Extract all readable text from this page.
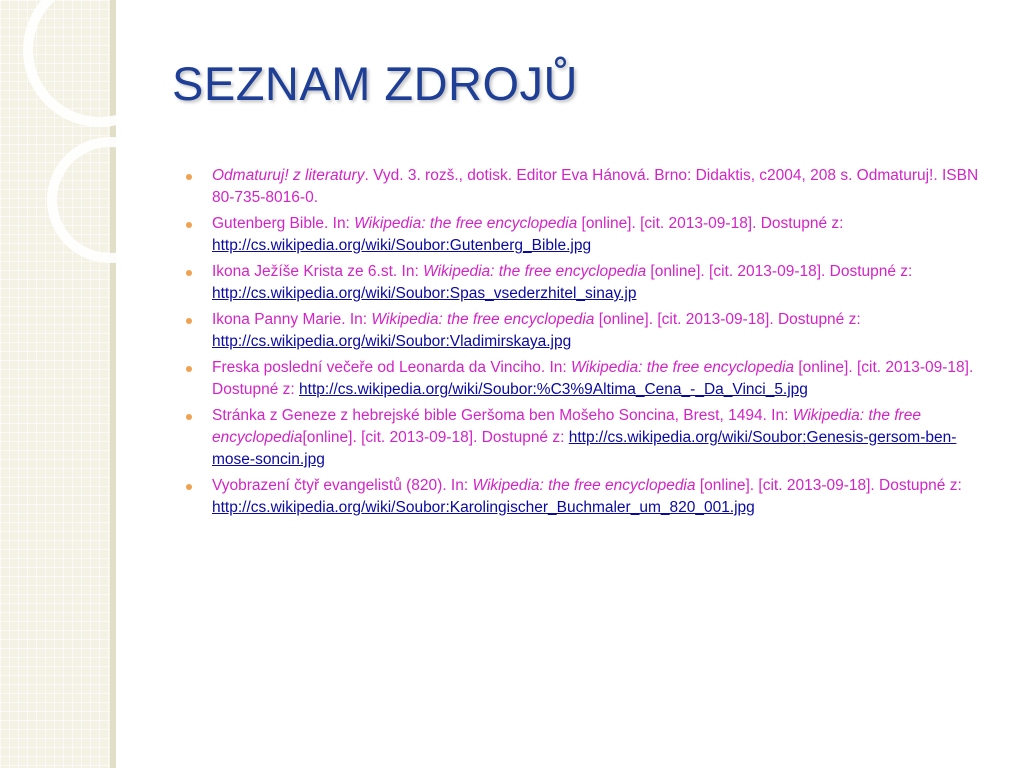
SEZNAM ZDROJŮ
Odmaturuj! z literatury. Vyd. 3. rozš., dotisk. Editor Eva Hánová. Brno: Didaktis, c2004, 208 s. Odmaturuj!. ISBN 80-735-8016-0.
Gutenberg Bible. In: Wikipedia: the free encyclopedia [online]. [cit. 2013-09-18]. Dostupné z: http://cs.wikipedia.org/wiki/Soubor:Gutenberg_Bible.jpg
Ikona Ježíše Krista ze 6.st. In: Wikipedia: the free encyclopedia [online]. [cit. 2013-09-18]. Dostupné z: http://cs.wikipedia.org/wiki/Soubor:Spas_vsederzhitel_sinay.jp
Ikona Panny Marie. In: Wikipedia: the free encyclopedia [online]. [cit. 2013-09-18]. Dostupné z: http://cs.wikipedia.org/wiki/Soubor:Vladimirskaya.jpg
Freska poslední večeře od Leonarda da Vinciho. In: Wikipedia: the free encyclopedia [online]. [cit. 2013-09-18]. Dostupné z: http://cs.wikipedia.org/wiki/Soubor:%C3%9Altima_Cena_-_Da_Vinci_5.jpg
Stránka z Geneze z hebrejské bible Geršoma ben Mošeho Soncina, Brest, 1494. In: Wikipedia: the free encyclopedia[online]. [cit. 2013-09-18]. Dostupné z: http://cs.wikipedia.org/wiki/Soubor:Genesis-gersom-ben-mose-soncin.jpg
Vyobrazení čtyř evangelistů (820). In: Wikipedia: the free encyclopedia [online]. [cit. 2013-09-18]. Dostupné z: http://cs.wikipedia.org/wiki/Soubor:Karolingischer_Buchmaler_um_820_001.jpg
